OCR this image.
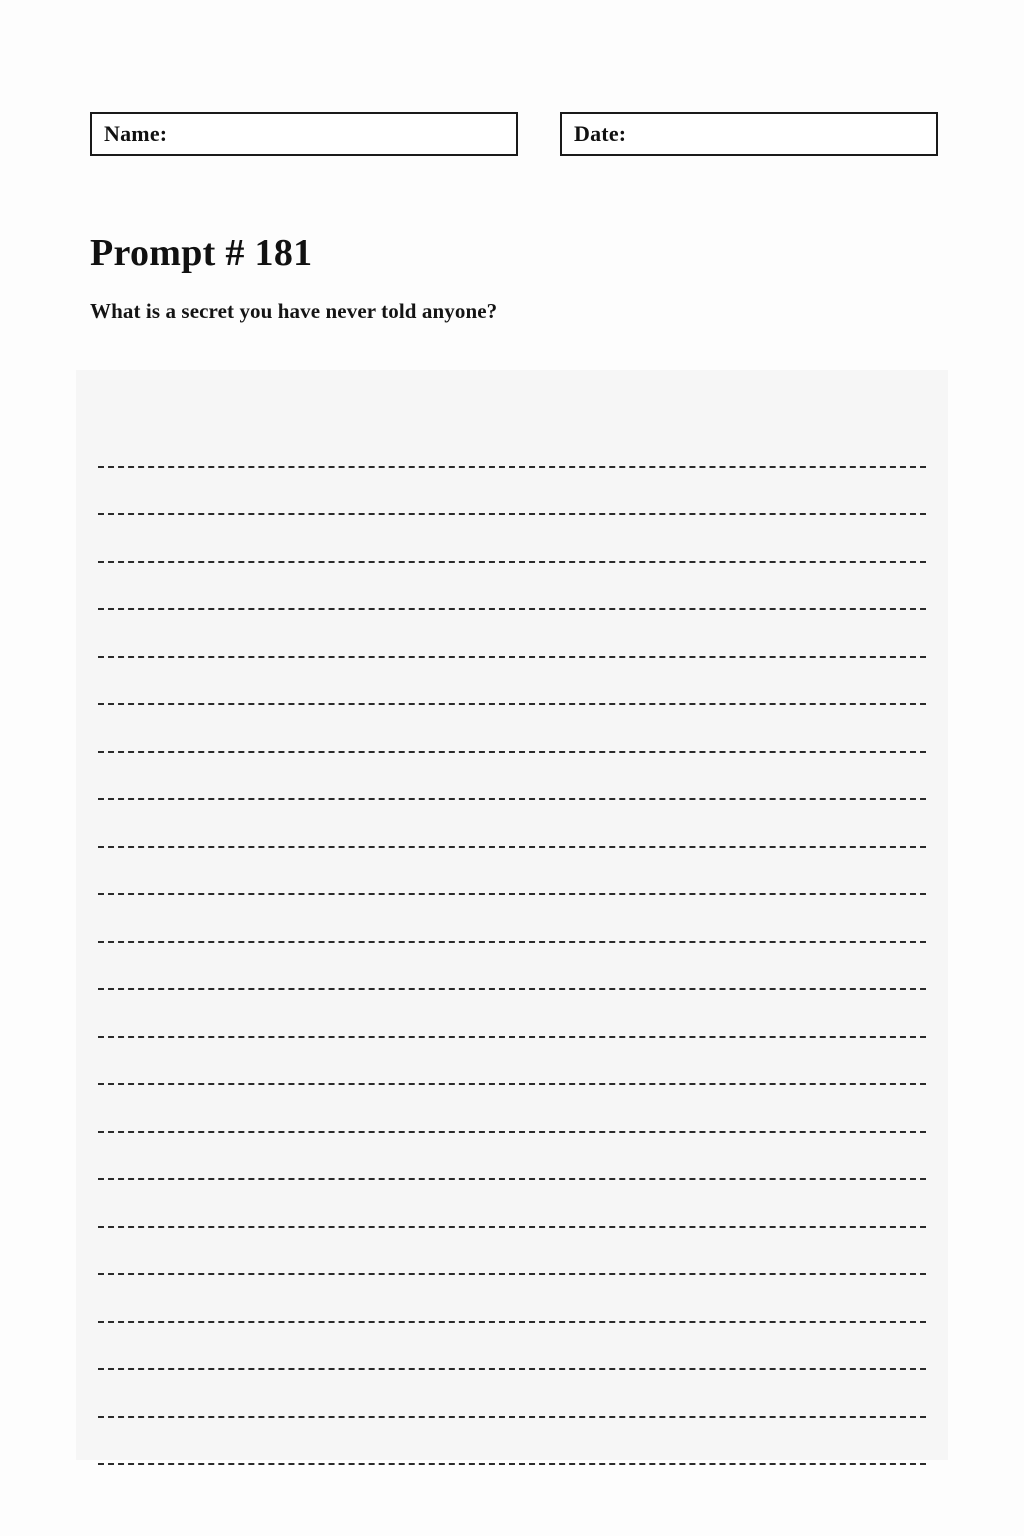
Name:	Date:
Prompt # 181

What is a secret you have never told anyone?
